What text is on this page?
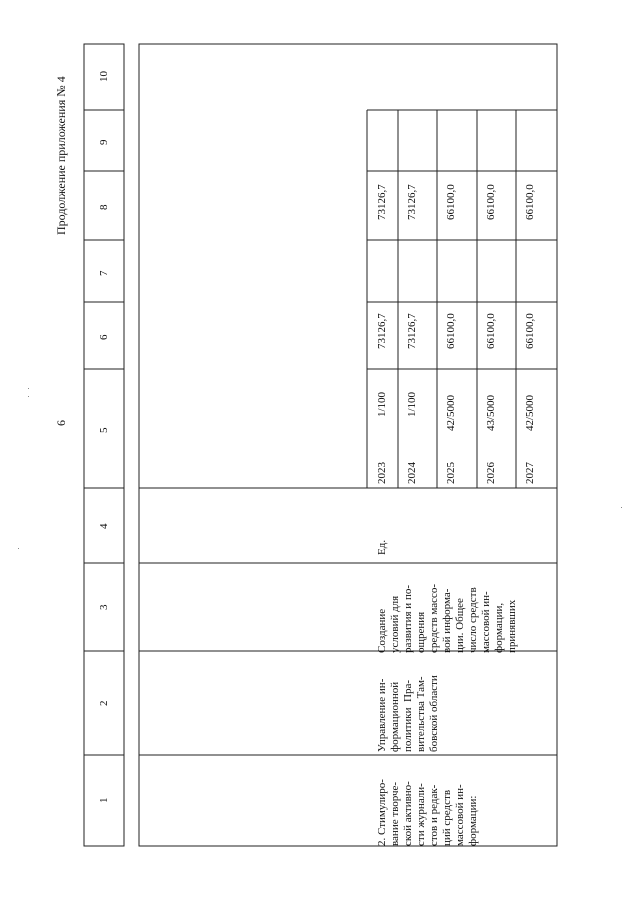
6
Продолжение приложения № 4
1
2
3
4
5
6
7
8
9
10
2. Стимулиро-
вание творче-
ской активно-
сти журнали-
стов и редак-
ций средств
массовой ин-
формации:
Управление ин-
формационной
политики  Пра-
вительства Там-
бовской области
Создание
условий для
развития и по-
ощрения
средств массо-
вой информа-
ции. Общее
число средств
массовой ин-
формации,
принявших
Ед.
2023
1/100
73126,7
73126,7
2024
1/100
73126,7
73126,7
2025
42/5000
66100,0
66100,0
2026
43/5000
66100,0
66100,0
2027
42/5000
66100,0
66100,0
